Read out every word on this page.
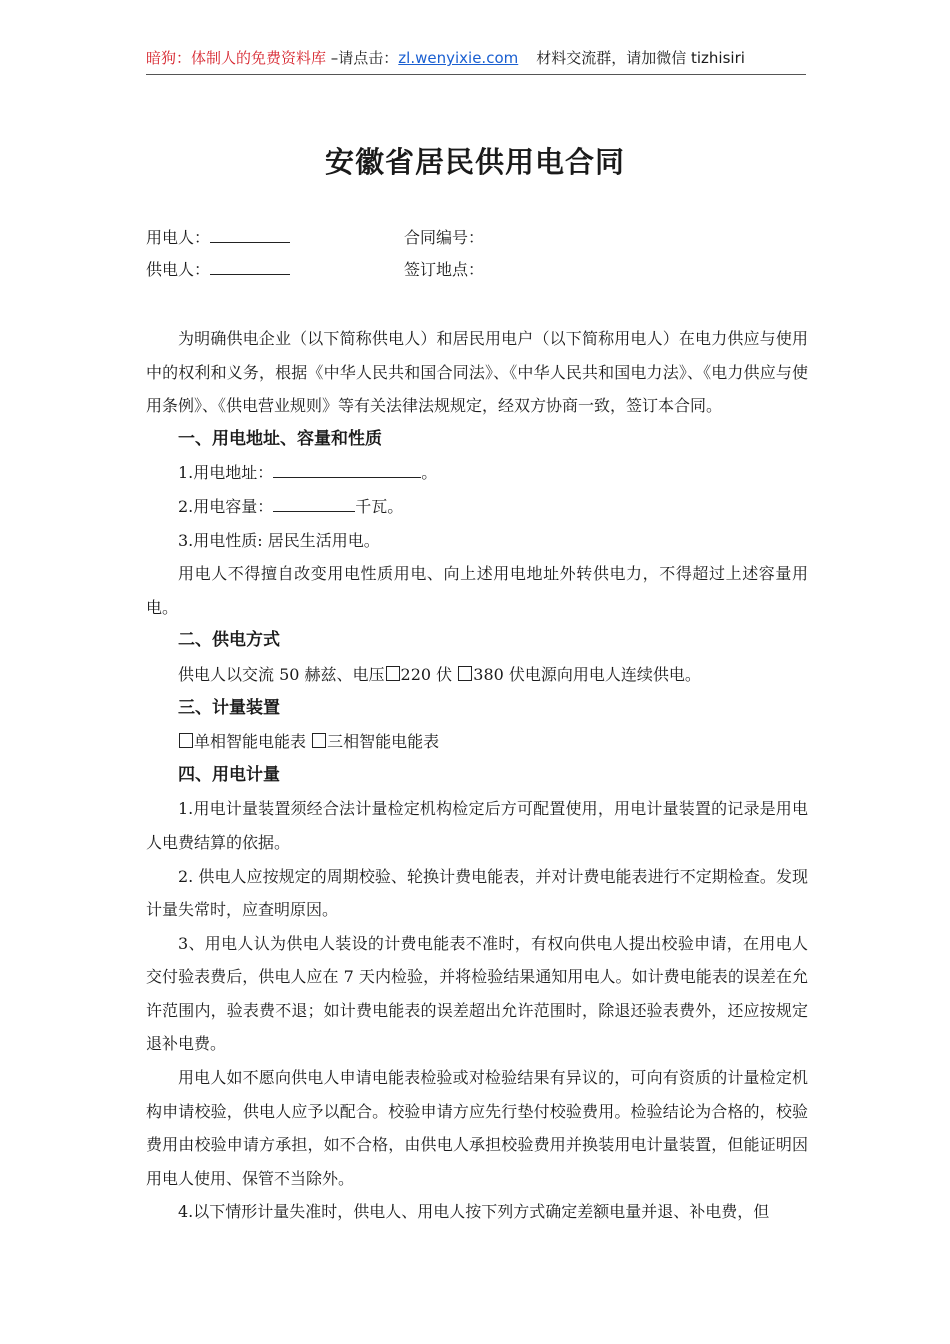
暗狗：体制人的免费资料库 –请点击：zl.wenyixie.com 材料交流群，请加微信 tizhisiri
安徽省居民供用电合同
用电人：	合同编号：
供电人：	签订地点：

为明确供电企业（以下简称供电人）和居民用电户（以下简称用电人）在电力供应与使用中的权利和义务，根据《中华人民共和国合同法》、《中华人民共和国电力法》、《电力供应与使用条例》、《供电营业规则》等有关法律法规规定，经双方协商一致，签订本合同。

一、用电地址、容量和性质

1.用电地址：	。

2.用电容量：	千瓦。

3.用电性质: 居民生活用电。

用电人不得擅自改变用电性质用电、向上述用电地址外转供电力，不得超过上述容量用电。

二、供电方式

供电人以交流 50 赫兹、电压 220 伏 380 伏电源向用电人连续供电。

三、计量装置

单相智能电能表 三相智能电能表

四、用电计量

1.用电计量装置须经合法计量检定机构检定后方可配置使用，用电计量装置的记录是用电人电费结算的依据。

2. 供电人应按规定的周期校验、轮换计费电能表，并对计费电能表进行不定期检查。发现计量失常时，应查明原因。

3、用电人认为供电人装设的计费电能表不准时，有权向供电人提出校验申请，在用电人交付验表费后，供电人应在 7 天内检验，并将检验结果通知用电人。如计费电能表的误差在允许范围内，验表费不退；如计费电能表的误差超出允许范围时，除退还验表费外，还应按规定退补电费。

用电人如不愿向供电人申请电能表检验或对检验结果有异议的，可向有资质的计量检定机构申请校验，供电人应予以配合。校验申请方应先行垫付校验费用。检验结论为合格的，校验费用由校验申请方承担，如不合格，由供电人承担校验费用并换装用电计量装置，但能证明因用电人使用、保管不当除外。

4.以下情形计量失准时，供电人、用电人按下列方式确定差额电量并退、补电费，但
